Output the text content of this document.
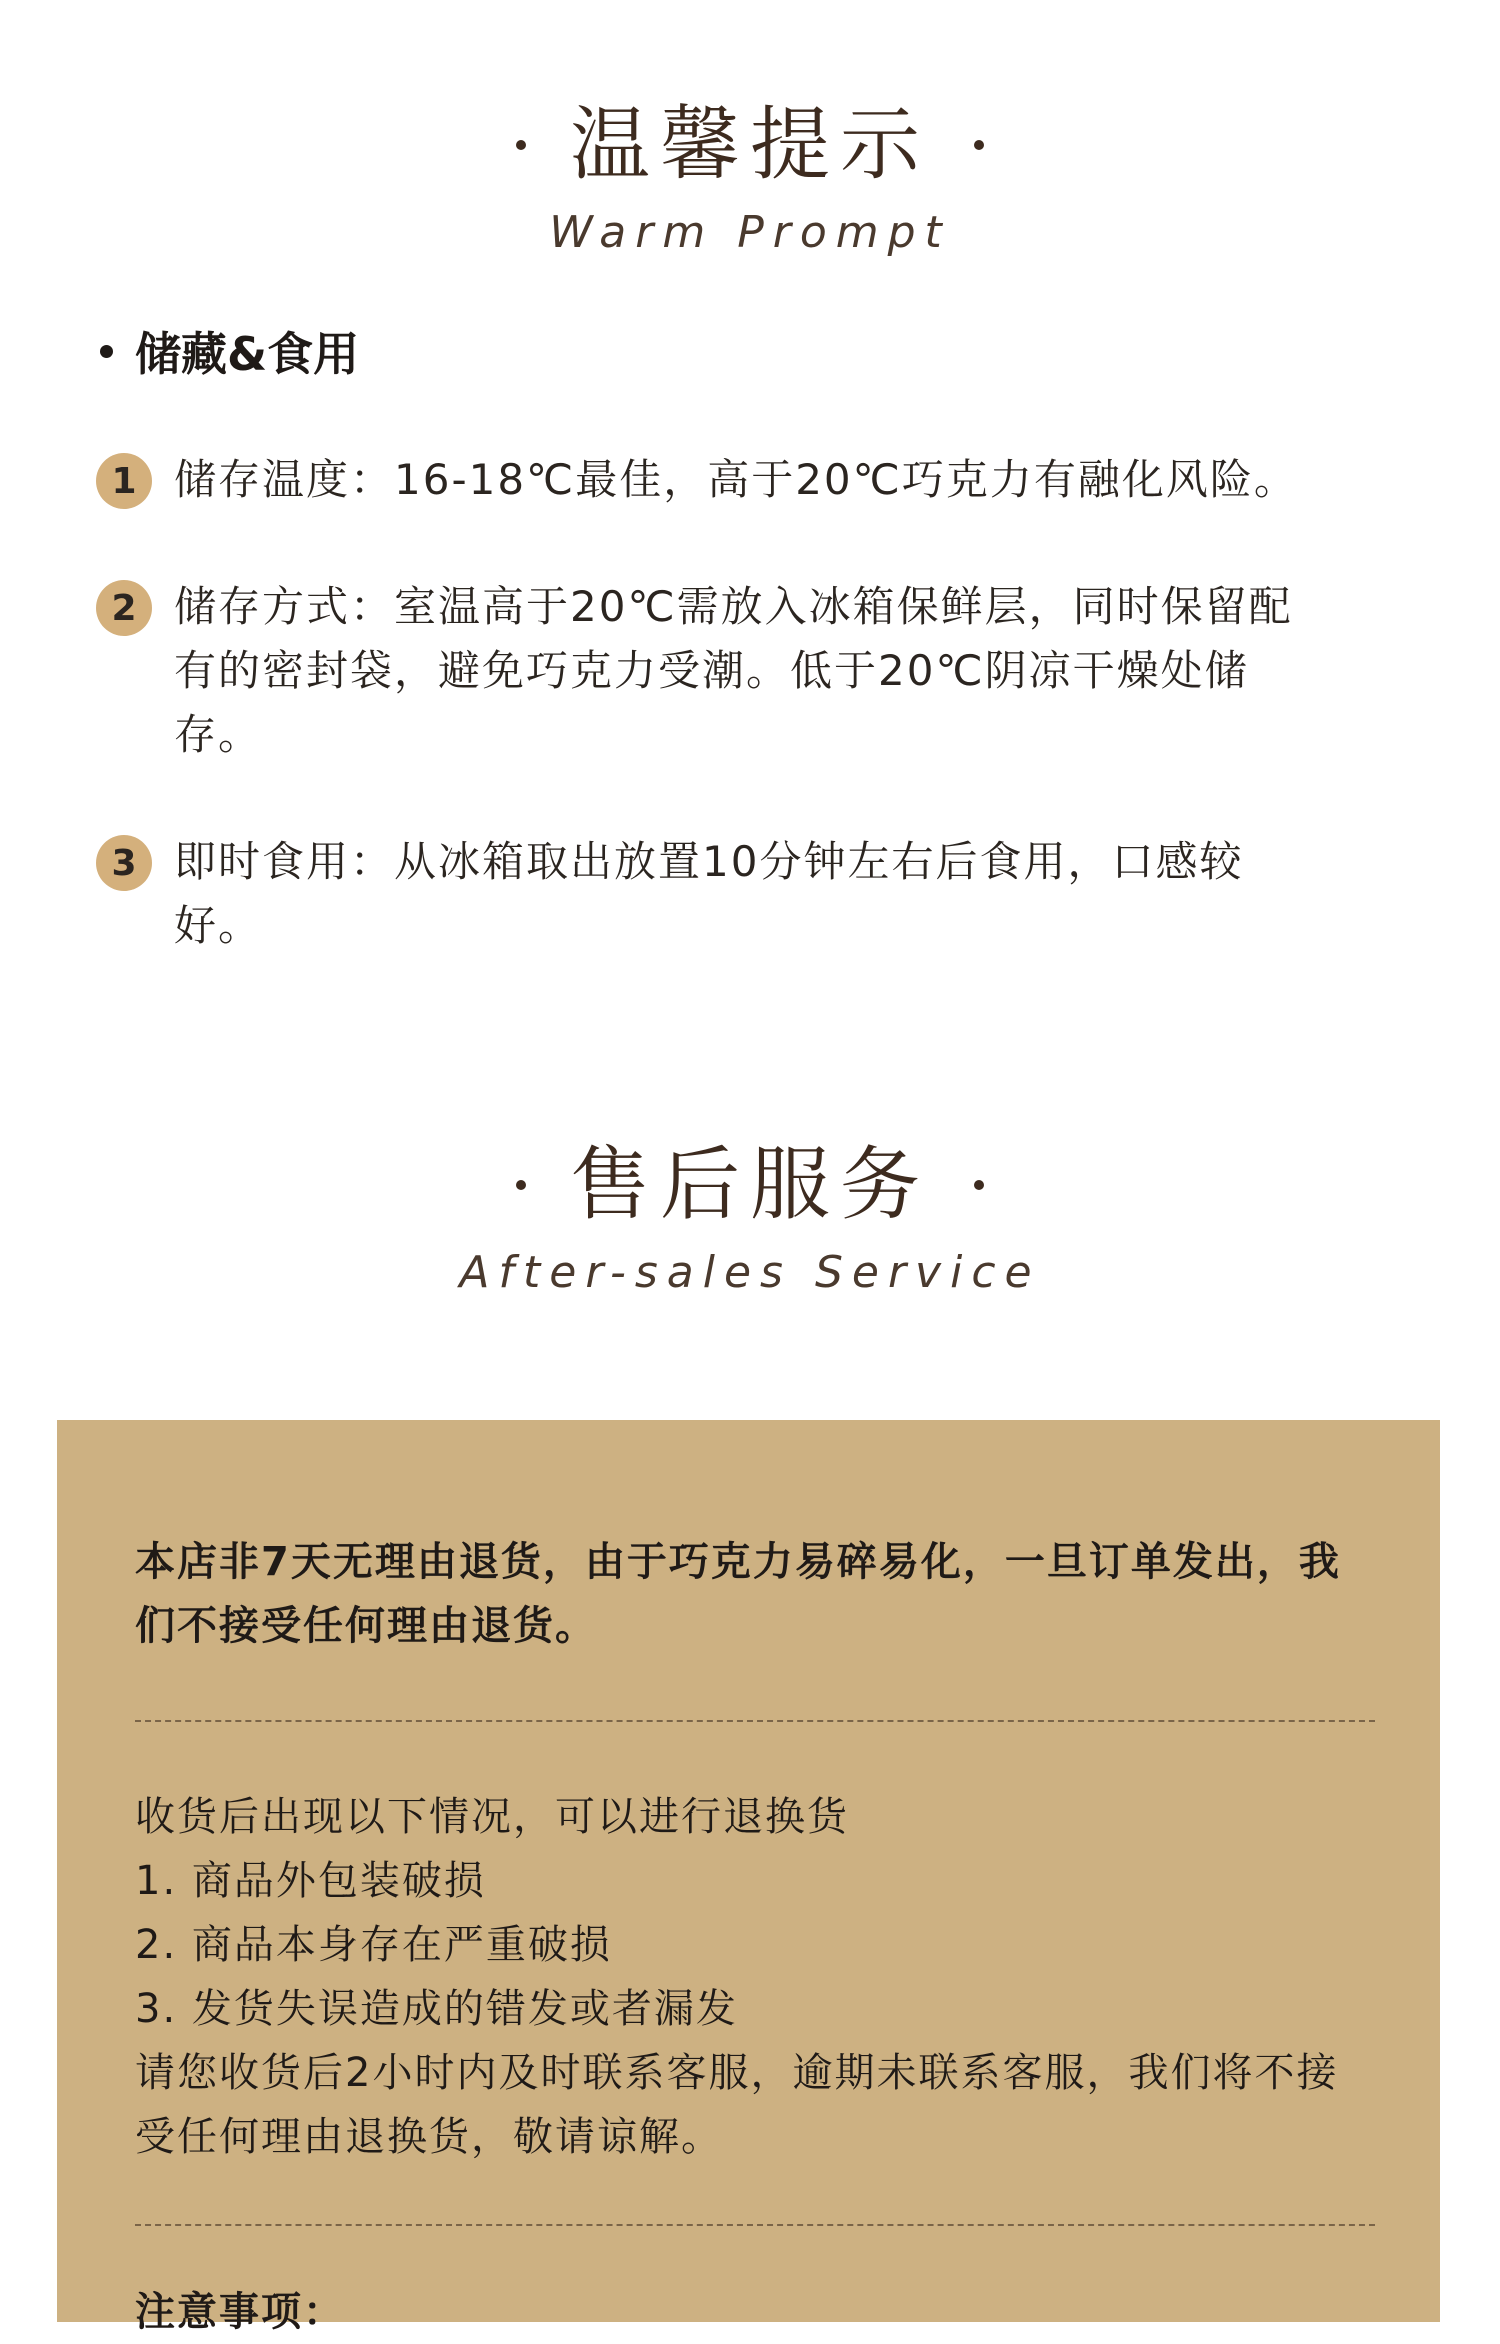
温馨提示
Warm Prompt
储藏&食用
1 储存温度：16-18℃最佳，高于20℃巧克力有融化风险。
2 储存方式：室温高于20℃需放入冰箱保鲜层，同时保留配有的密封袋，避免巧克力受潮。低于20℃阴凉干燥处储存。
3 即时食用：从冰箱取出放置10分钟左右后食用，口感较好。
售后服务
After-sales Service
本店非7天无理由退货，由于巧克力易碎易化，一旦订单发出，我们不接受任何理由退货。
收货后出现以下情况，可以进行退换货
1. 商品外包装破损
2. 商品本身存在严重破损
3. 发货失误造成的错发或者漏发
请您收货后2小时内及时联系客服，逾期未联系客服，我们将不接受任何理由退换货，敬请谅解。
注意事项：
